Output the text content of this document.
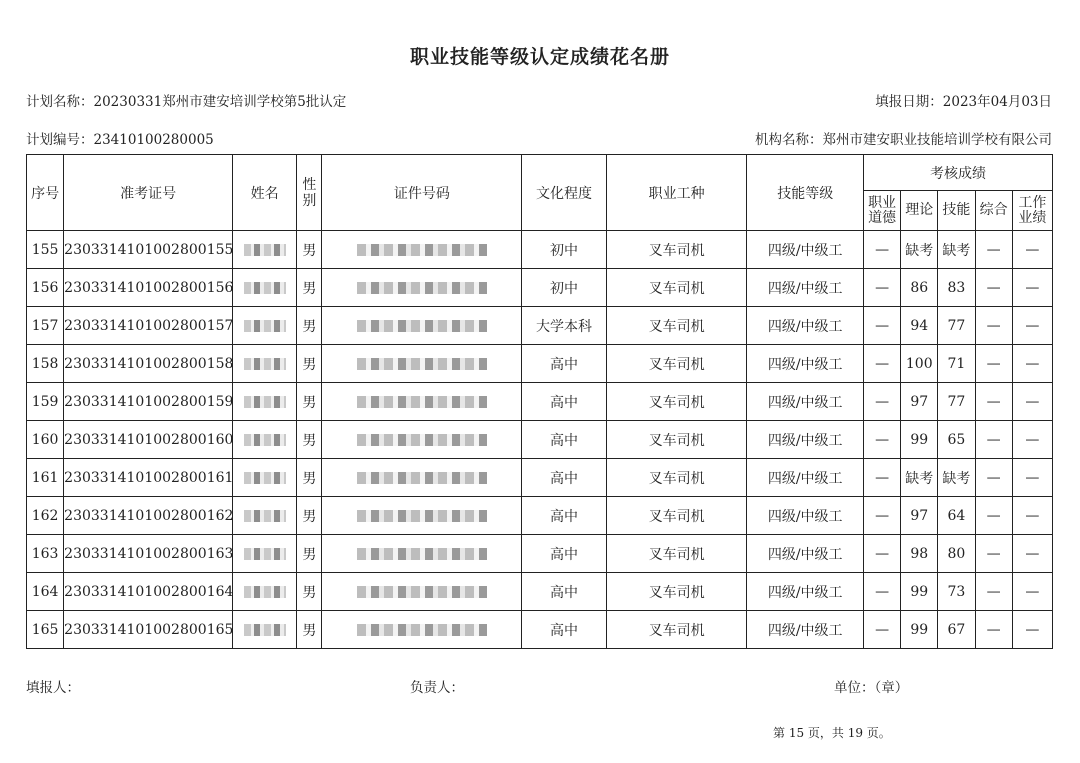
职业技能等级认定成绩花名册
计划名称：20230331郑州市建安培训学校第5批认定	填报日期：2023年04月03日
计划编号：23410100280005	机构名称：郑州市建安职业技能培训学校有限公司
序号	准考证号	姓名	性别	证件号码	文化程度	职业工种	技能等级	考核成绩				
								职业道德	理论	技能	综合	工作业绩
155	2303314101002800155		男		初中	叉车司机	四级/中级工	—	缺考	缺考	—	—
156	2303314101002800156		男		初中	叉车司机	四级/中级工	—	86	83	—	—
157	2303314101002800157		男		大学本科	叉车司机	四级/中级工	—	94	77	—	—
158	2303314101002800158		男		高中	叉车司机	四级/中级工	—	100	71	—	—
159	2303314101002800159		男		高中	叉车司机	四级/中级工	—	97	77	—	—
160	2303314101002800160		男		高中	叉车司机	四级/中级工	—	99	65	—	—
161	2303314101002800161		男		高中	叉车司机	四级/中级工	—	缺考	缺考	—	—
162	2303314101002800162		男		高中	叉车司机	四级/中级工	—	97	64	—	—
163	2303314101002800163		男		高中	叉车司机	四级/中级工	—	98	80	—	—
164	2303314101002800164		男		高中	叉车司机	四级/中级工	—	99	73	—	—
165	2303314101002800165		男		高中	叉车司机	四级/中级工	—	99	67	—	—
填报人：	负责人：	单位：（章）
第 15 页，共 19 页。
